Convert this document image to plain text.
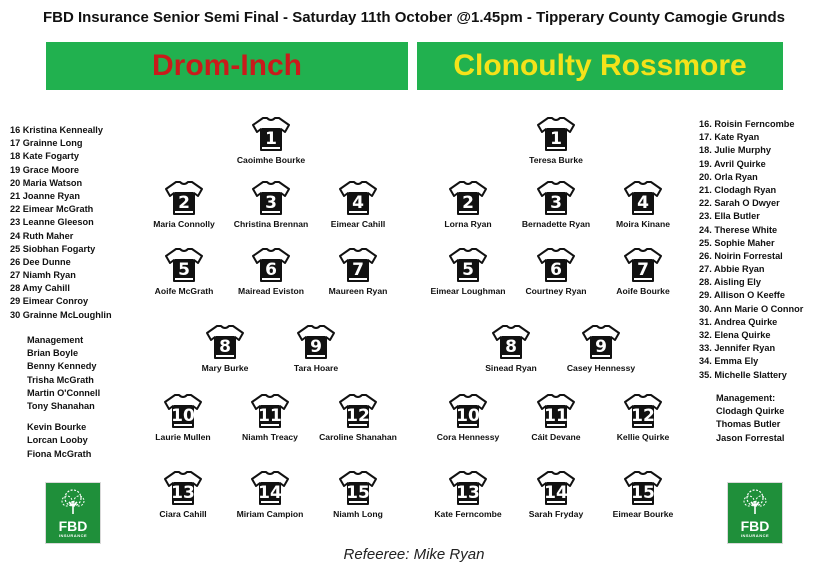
FBD Insurance Senior Semi Final - Saturday 11th October @1.45pm - Tipperary County Camogie Grunds
Drom-Inch	Clonoulty Rossmore
16 Kristina Kenneally
17 Grainne Long
18 Kate Fogarty
19 Grace Moore
20 Maria Watson
21 Joanne Ryan
22 Eimear McGrath
23 Leanne Gleeson
24 Ruth Maher
25 Siobhan Fogarty
26 Dee Dunne
27 Niamh Ryan
28 Amy Cahill
29 Eimear Conroy
30 Grainne McLoughlin
Management
Brian Boyle
Benny Kennedy
Trisha McGrath
Martin O'Connell
Tony Shanahan
Kevin Bourke
Lorcan Looby
Fiona McGrath
16. Roisin Ferncombe
17. Kate Ryan
18. Julie Murphy
19. Avril Quirke
20. Orla Ryan
21. Clodagh Ryan
22. Sarah O Dwyer
23. Ella Butler
24. Therese White
25. Sophie Maher
26. Noirin Forrestal
27. Abbie Ryan
28. Aisling Ely
29. Allison O Keeffe
30. Ann Marie O Connor
31. Andrea Quirke
32. Elena Quirke
33. Jennifer Ryan
34. Emma Ely
35. Michelle Slattery
Management:
Clodagh Quirke
Thomas Butler
Jason Forrestal
1
Caoimhe Bourke
2
Maria Connolly
3
Christina Brennan
4
Eimear Cahill
5
Aoife McGrath
6
Mairead Eviston
7
Maureen Ryan
8
Mary Burke
9
Tara Hoare
10
Laurie Mullen
11
Niamh Treacy
12
Caroline Shanahan
13
Ciara Cahill
14
Miriam Campion
15
Niamh Long
1
Teresa Burke
2
Lorna Ryan
3
Bernadette Ryan
4
Moira Kinane
5
Eimear Loughman
6
Courtney Ryan
7
Aoife Bourke
8
Sinead Ryan
9
Casey Hennessy
10
Cora Hennessy
11
Cáit Devane
12
Kellie Quirke
13
Kate Ferncombe
14
Sarah Fryday
15
Eimear Bourke
FBD
INSURANCE
FBD
INSURANCE
Refeeree: Mike Ryan
